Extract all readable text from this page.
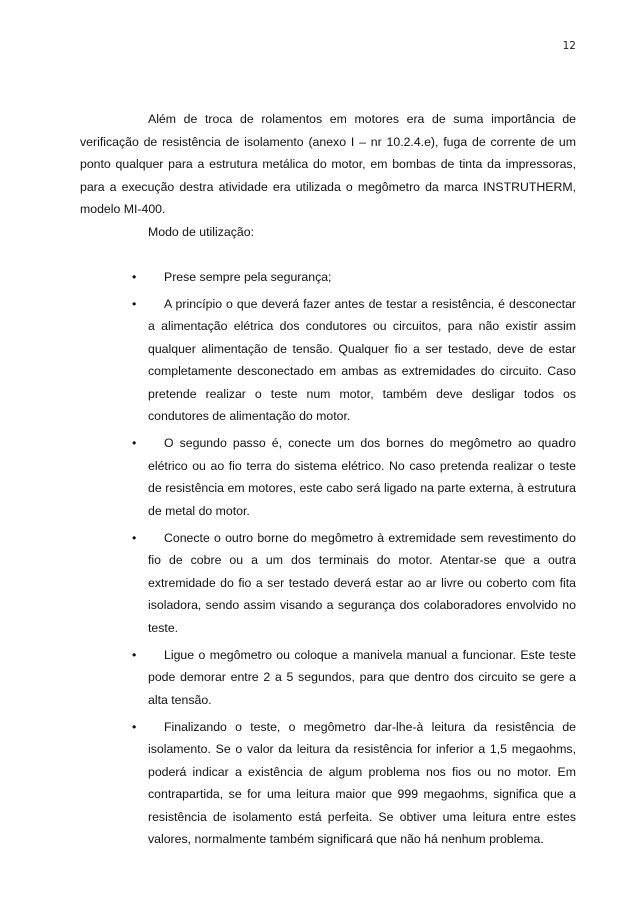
12

Além de troca de rolamentos em motores era de suma importância de verificação de resistência de isolamento (anexo I – nr 10.2.4.e), fuga de corrente de um ponto qualquer para a estrutura metálica do motor, em bombas de tinta da impressoras, para a execução destra atividade era utilizada o megômetro da marca INSTRUTHERM, modelo MI-400.

Modo de utilização:

•	Prese sempre pela segurança;
•	A princípio o que deverá fazer antes de testar a resistência, é desconectar a alimentação elétrica dos condutores ou circuitos, para não existir assim qualquer alimentação de tensão. Qualquer fio a ser testado, deve de estar completamente desconectado em ambas as extremidades do circuito. Caso pretende realizar o teste num motor, também deve desligar todos os condutores de alimentação do motor.
•	O segundo passo é, conecte um dos bornes do megômetro ao quadro elétrico ou ao fio terra do sistema elétrico. No caso pretenda realizar o teste de resistência em motores, este cabo será ligado na parte externa, à estrutura de metal do motor.
•	Conecte o outro borne do megômetro à extremidade sem revestimento do fio de cobre ou a um dos terminais do motor. Atentar-se que a outra extremidade do fio a ser testado deverá estar ao ar livre ou coberto com fita isoladora, sendo assim visando a segurança dos colaboradores envolvido no teste.
•	Ligue o megômetro ou coloque a manivela manual a funcionar. Este teste pode demorar entre 2 a 5 segundos, para que dentro dos circuito se gere a alta tensão.
•	Finalizando o teste, o megômetro dar-lhe-à leitura da resistência de isolamento. Se o valor da leitura da resistência for inferior a 1,5 megaohms, poderá indicar a existência de algum problema nos fios ou no motor. Em contrapartida, se for uma leitura maior que 999 megaohms, significa que a resistência de isolamento está perfeita. Se obtiver uma leitura entre estes valores, normalmente também significará que não há nenhum problema.
